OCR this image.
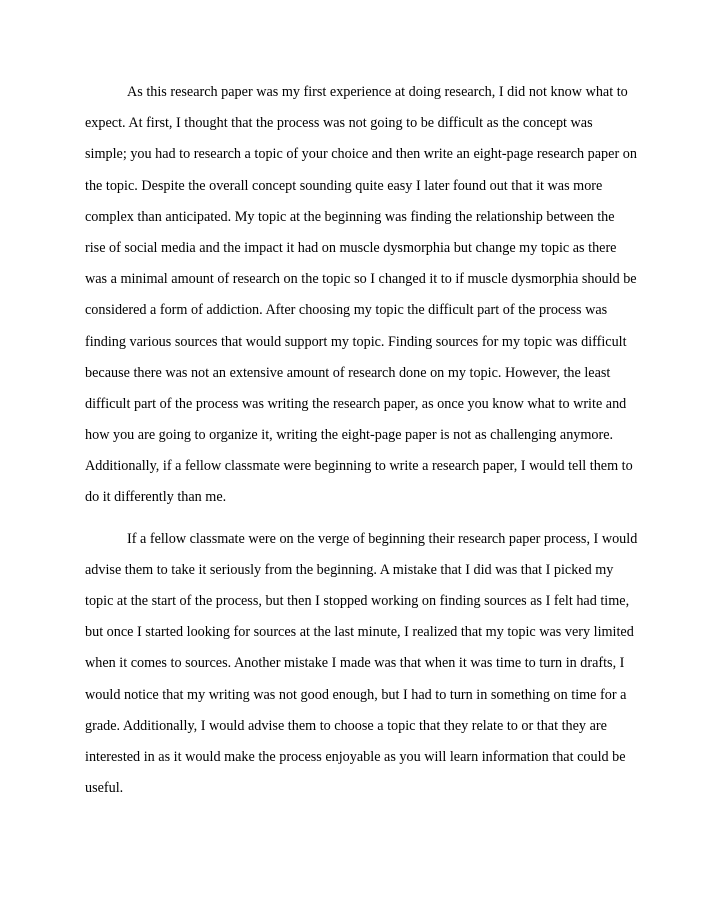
As this research paper was my first experience at doing research, I did not know what to
expect. At first, I thought that the process was not going to be difficult as the concept was
simple; you had to research a topic of your choice and then write an eight-page research paper on
the topic. Despite the overall concept sounding quite easy I later found out that it was more
complex than anticipated. My topic at the beginning was finding the relationship between the
rise of social media and the impact it had on muscle dysmorphia but change my topic as there
was a minimal amount of research on the topic so I changed it to if muscle dysmorphia should be
considered a form of addiction. After choosing my topic the difficult part of the process was
finding various sources that would support my topic. Finding sources for my topic was difficult
because there was not an extensive amount of research done on my topic. However, the least
difficult part of the process was writing the research paper, as once you know what to write and
how you are going to organize it, writing the eight-page paper is not as challenging anymore.
Additionally, if a fellow classmate were beginning to write a research paper, I would tell them to
do it differently than me.
If a fellow classmate were on the verge of beginning their research paper process, I would
advise them to take it seriously from the beginning. A mistake that I did was that I picked my
topic at the start of the process, but then I stopped working on finding sources as I felt had time,
but once I started looking for sources at the last minute, I realized that my topic was very limited
when it comes to sources. Another mistake I made was that when it was time to turn in drafts, I
would notice that my writing was not good enough, but I had to turn in something on time for a
grade. Additionally, I would advise them to choose a topic that they relate to or that they are
interested in as it would make the process enjoyable as you will learn information that could be
useful.
